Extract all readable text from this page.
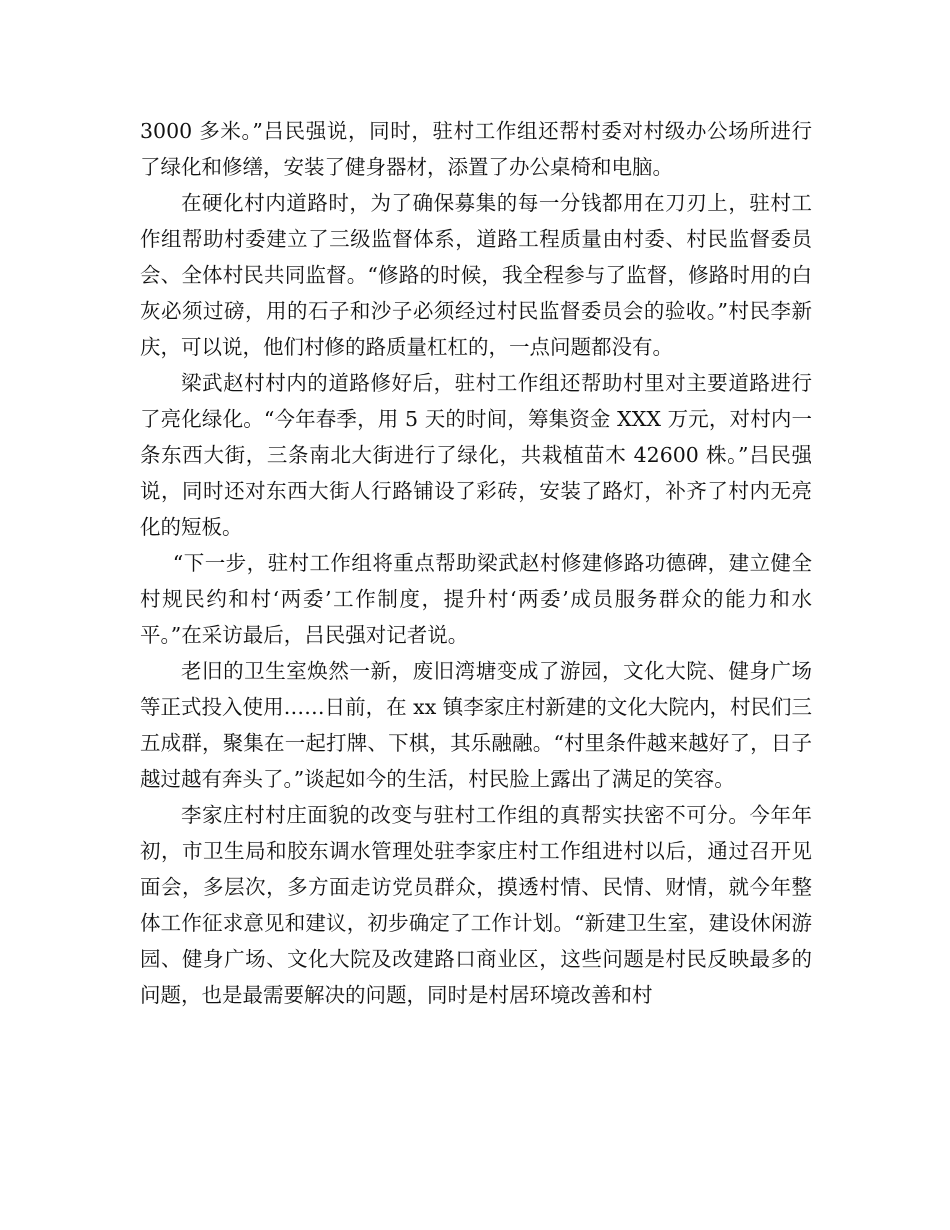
3000 多米。”吕民强说，同时，驻村工作组还帮村委对村级办公场所进行了绿化和修缮，安装了健身器材，添置了办公桌椅和电脑。

在硬化村内道路时，为了确保募集的每一分钱都用在刀刃上，驻村工作组帮助村委建立了三级监督体系，道路工程质量由村委、村民监督委员会、全体村民共同监督。“修路的时候，我全程参与了监督，修路时用的白灰必须过磅，用的石子和沙子必须经过村民监督委员会的验收。”村民李新庆，可以说，他们村修的路质量杠杠的，一点问题都没有。

梁武赵村村内的道路修好后，驻村工作组还帮助村里对主要道路进行了亮化绿化。“今年春季，用 5 天的时间，筹集资金 XXX 万元，对村内一条东西大街，三条南北大街进行了绿化，共栽植苗木 42600 株。”吕民强说，同时还对东西大街人行路铺设了彩砖，安装了路灯，补齐了村内无亮化的短板。

“下一步，驻村工作组将重点帮助梁武赵村修建修路功德碑，建立健全村规民约和村‘两委’工作制度，提升村‘两委’成员服务群众的能力和水平。”在采访最后，吕民强对记者说。

老旧的卫生室焕然一新，废旧湾塘变成了游园，文化大院、健身广场等正式投入使用……日前，在 xx 镇李家庄村新建的文化大院内，村民们三五成群，聚集在一起打牌、下棋，其乐融融。“村里条件越来越好了，日子越过越有奔头了。”谈起如今的生活，村民脸上露出了满足的笑容。

李家庄村村庄面貌的改变与驻村工作组的真帮实扶密不可分。今年年初，市卫生局和胶东调水管理处驻李家庄村工作组进村以后，通过召开见面会，多层次，多方面走访党员群众，摸透村情、民情、财情，就今年整体工作征求意见和建议，初步确定了工作计划。“新建卫生室，建设休闲游园、健身广场、文化大院及改建路口商业区，这些问题是村民反映最多的问题，也是最需要解决的问题，同时是村居环境改善和村
